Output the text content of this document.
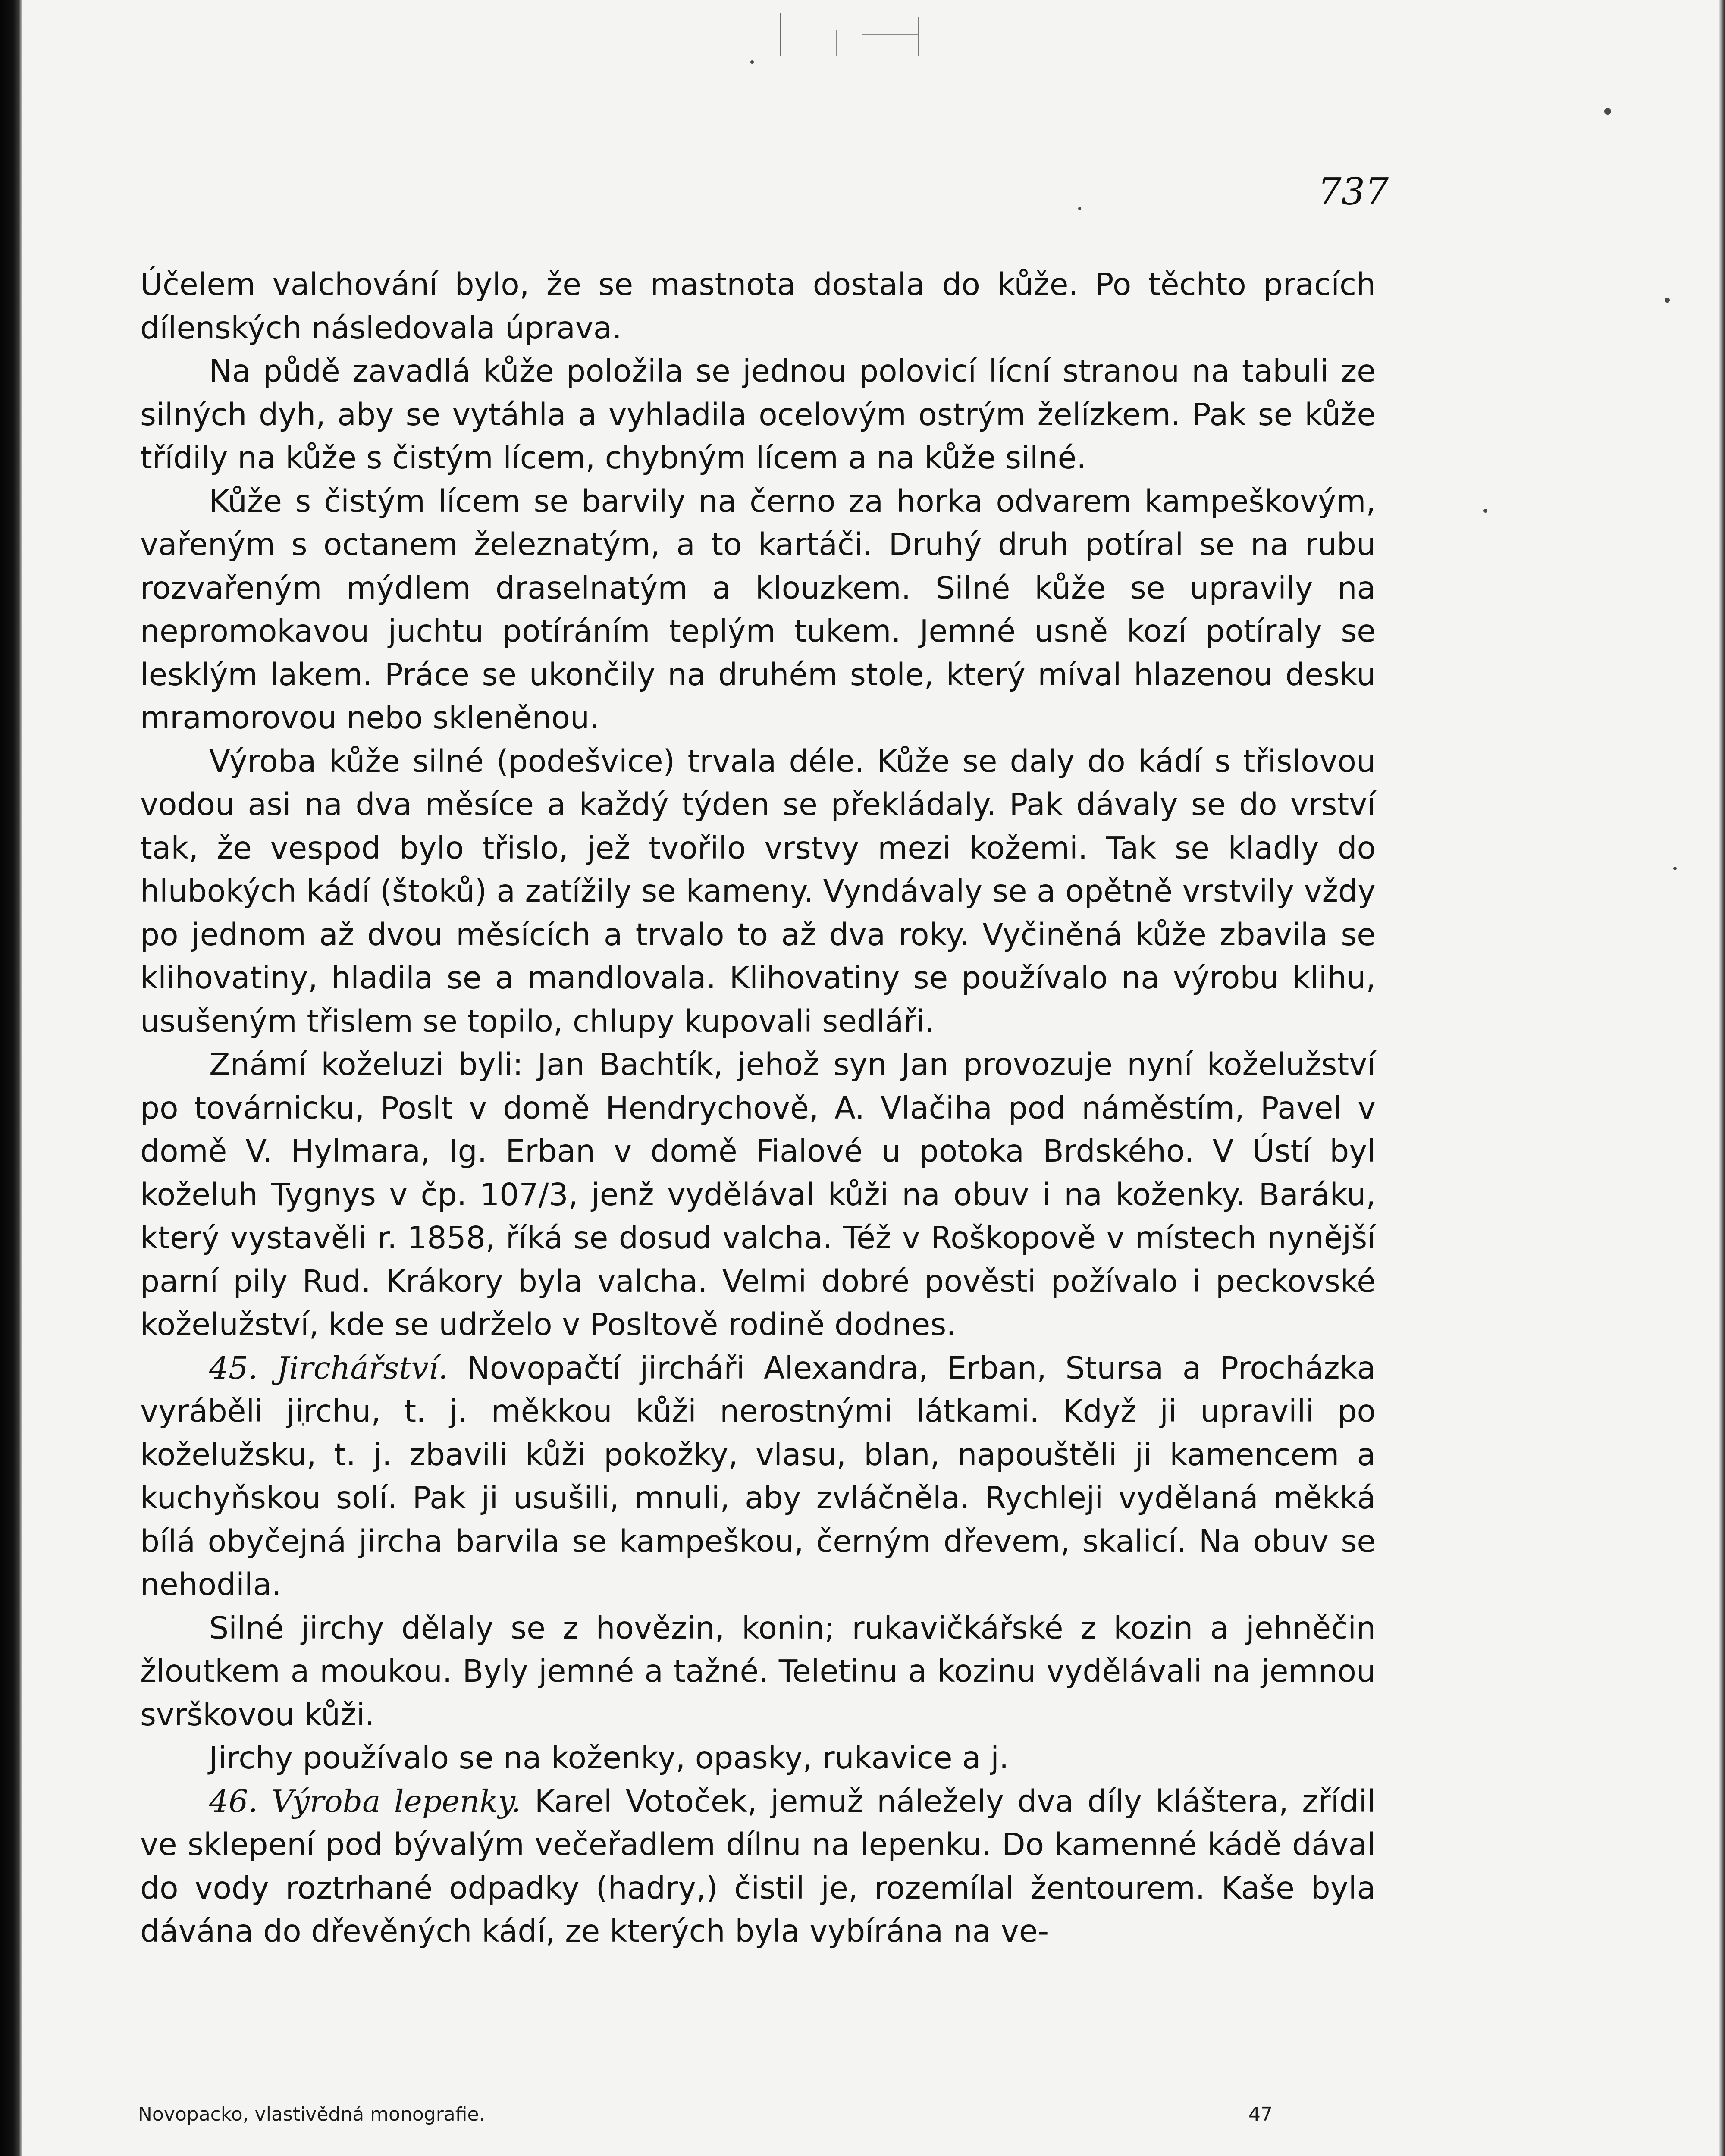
737

Účelem valchování bylo, že se mastnota dostala do kůže. Po těchto pracích dílenských následovala úprava.

Na půdě zavadlá kůže položila se jednou polovicí lícní stranou na tabuli ze silných dyh, aby se vytáhla a vyhladila ocelovým ostrým želízkem. Pak se kůže třídily na kůže s čistým lícem, chybným lícem a na kůže silné.

Kůže s čistým lícem se barvily na černo za horka odvarem kampeškovým, vařeným s octanem železnatým, a to kartáči. Druhý druh potíral se na rubu rozvařeným mýdlem draselnatým a klouzkem. Silné kůže se upravily na nepromokavou juchtu potíráním teplým tukem. Jemné usně kozí potíraly se lesklým lakem. Práce se ukončily na druhém stole, který míval hlazenou desku mramorovou nebo skleněnou.

Výroba kůže silné (podešvice) trvala déle. Kůže se daly do kádí s třislovou vodou asi na dva měsíce a každý týden se překládaly. Pak dávaly se do vrství tak, že vespod bylo třislo, jež tvořilo vrstvy mezi kožemi. Tak se kladly do hlubokých kádí (štoků) a zatížily se kameny. Vyndávaly se a opětně vrstvily vždy po jednom až dvou měsících a trvalo to až dva roky. Vyčiněná kůže zbavila se klihovatiny, hladila se a mandlovala. Klihovatiny se používalo na výrobu klihu, usušeným třislem se topilo, chlupy kupovali sedláři.

Známí koželuzi byli: Jan Bachtík, jehož syn Jan provozuje nyní koželužství po továrnicku, Poslt v domě Hendrychově, A. Vlačiha pod náměstím, Pavel v domě V. Hylmara, Ig. Erban v domě Fialové u potoka Brdského. V Ústí byl koželuh Tygnys v čp. 107/3, jenž vydělával kůži na obuv i na koženky. Baráku, který vystavěli r. 1858, říká se dosud valcha. Též v Roškopově v místech nynější parní pily Rud. Krákory byla valcha. Velmi dobré pověsti požívalo i peckovské koželužství, kde se udrželo v Posltově rodině dodnes.

45. Jirchářství. Novopačtí jircháři Alexandra, Erban, Stursa a Procházka vyráběli jirchu, t. j. měkkou kůži nerostnými látkami. Když ji upravili po koželužsku, t. j. zbavili kůži pokožky, vlasu, blan, napouštěli ji kamencem a kuchyňskou solí. Pak ji usušili, mnuli, aby zvláčněla. Rychleji vydělaná měkká bílá obyčejná jircha barvila se kampeškou, černým dřevem, skalicí. Na obuv se nehodila.

Silné jirchy dělaly se z hovězin, konin; rukavičkářské z kozin a jehněčin žloutkem a moukou. Byly jemné a tažné. Teletinu a kozinu vydělávali na jemnou svrškovou kůži.

Jirchy používalo se na koženky, opasky, rukavice a j.

46. Výroba lepenky. Karel Votoček, jemuž náležely dva díly kláštera, zřídil ve sklepení pod bývalým večeřadlem dílnu na lepenku. Do kamenné kádě dával do vody roztrhané odpadky (hadry,) čistil je, rozemílal žentourem. Kaše byla dávána do dřevěných kádí, ze kterých byla vybírána na ve-

Novopacko, vlastivědná monografie.	47
